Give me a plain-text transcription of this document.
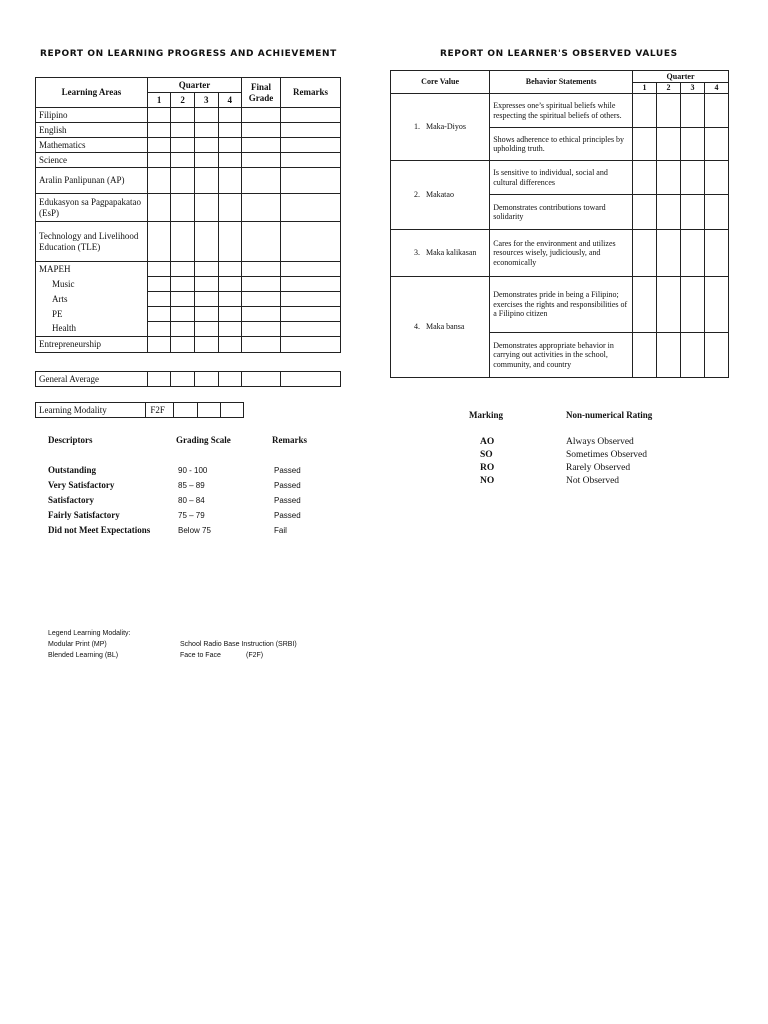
REPORT ON LEARNING PROGRESS AND ACHIEVEMENT
Learning Areas	Quarter				Final Grade	Remarks
	1	2	3	4		
Filipino						
English						
Mathematics						
Science						
Aralin Panlipunan (AP)						
Edukasyon sa Pagpapakatao (EsP)						
Technology and Livelihood Education (TLE)						
MAPEH						
Music						
Arts						
PE						
Health						
Entrepreneurship						
General Average						
Learning Modality	F2F			
Descriptors	Grading Scale	Remarks
Outstanding	90 - 100	Passed
Very Satisfactory	85 – 89	Passed
Satisfactory	80 – 84	Passed
Fairly Satisfactory	75 – 79	Passed
Did not Meet Expectations	Below 75	Fail
Legend Learning Modality:
Modular Print (MP)	School Radio Base Instruction (SRBI)
Blended Learning (BL)	Face to Face	(F2F)
REPORT ON LEARNER'S OBSERVED VALUES
Core Value		Behavior Statements	Quarter			
			1	2	3	4
1.	Maka-Diyos	Expresses one’s spiritual beliefs while respecting the spiritual beliefs of others.				
		Shows adherence to ethical principles by upholding truth.				
2.	Makatao	Is sensitive to individual, social and cultural differences				
		Demonstrates contributions toward solidarity				
3.	Maka kalikasan	Cares for the environment and utilizes resources wisely, judiciously, and economically				
4.	Maka bansa	Demonstrates pride in being a Filipino; exercises the rights and responsibilities of a Filipino citizen				
		Demonstrates appropriate behavior in carrying out activities in the school, community, and country				
Marking	Non-numerical Rating
AO	Always Observed
SO	Sometimes Observed
RO	Rarely Observed
NO	Not Observed
